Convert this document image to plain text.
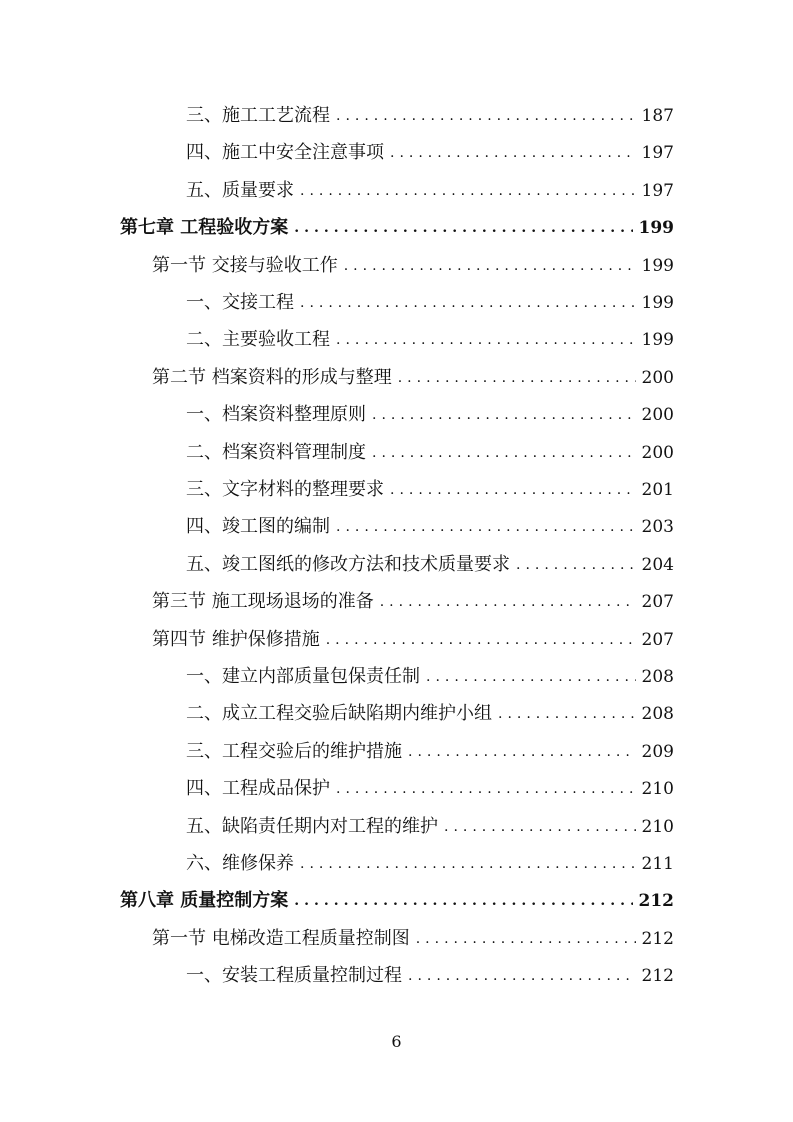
三、施工工艺流程 .....	187
四、施工中安全注意事项 .....	197
五、质量要求 .....	197
第七章 工程验收方案 .....	199
第一节 交接与验收工作 .....	199
一、交接工程 .....	199
二、主要验收工程 .....	199
第二节 档案资料的形成与整理 .....	200
一、档案资料整理原则 .....	200
二、档案资料管理制度 .....	200
三、文字材料的整理要求 .....	201
四、竣工图的编制 .....	203
五、竣工图纸的修改方法和技术质量要求 .....	204
第三节 施工现场退场的准备 .....	207
第四节 维护保修措施 .....	207
一、建立内部质量包保责任制 .....	208
二、成立工程交验后缺陷期内维护小组 .....	208
三、工程交验后的维护措施 .....	209
四、工程成品保护 .....	210
五、缺陷责任期内对工程的维护 .....	210
六、维修保养 .....	211
第八章 质量控制方案 .....	212
第一节 电梯改造工程质量控制图 .....	212
一、安装工程质量控制过程 .....	212
6
